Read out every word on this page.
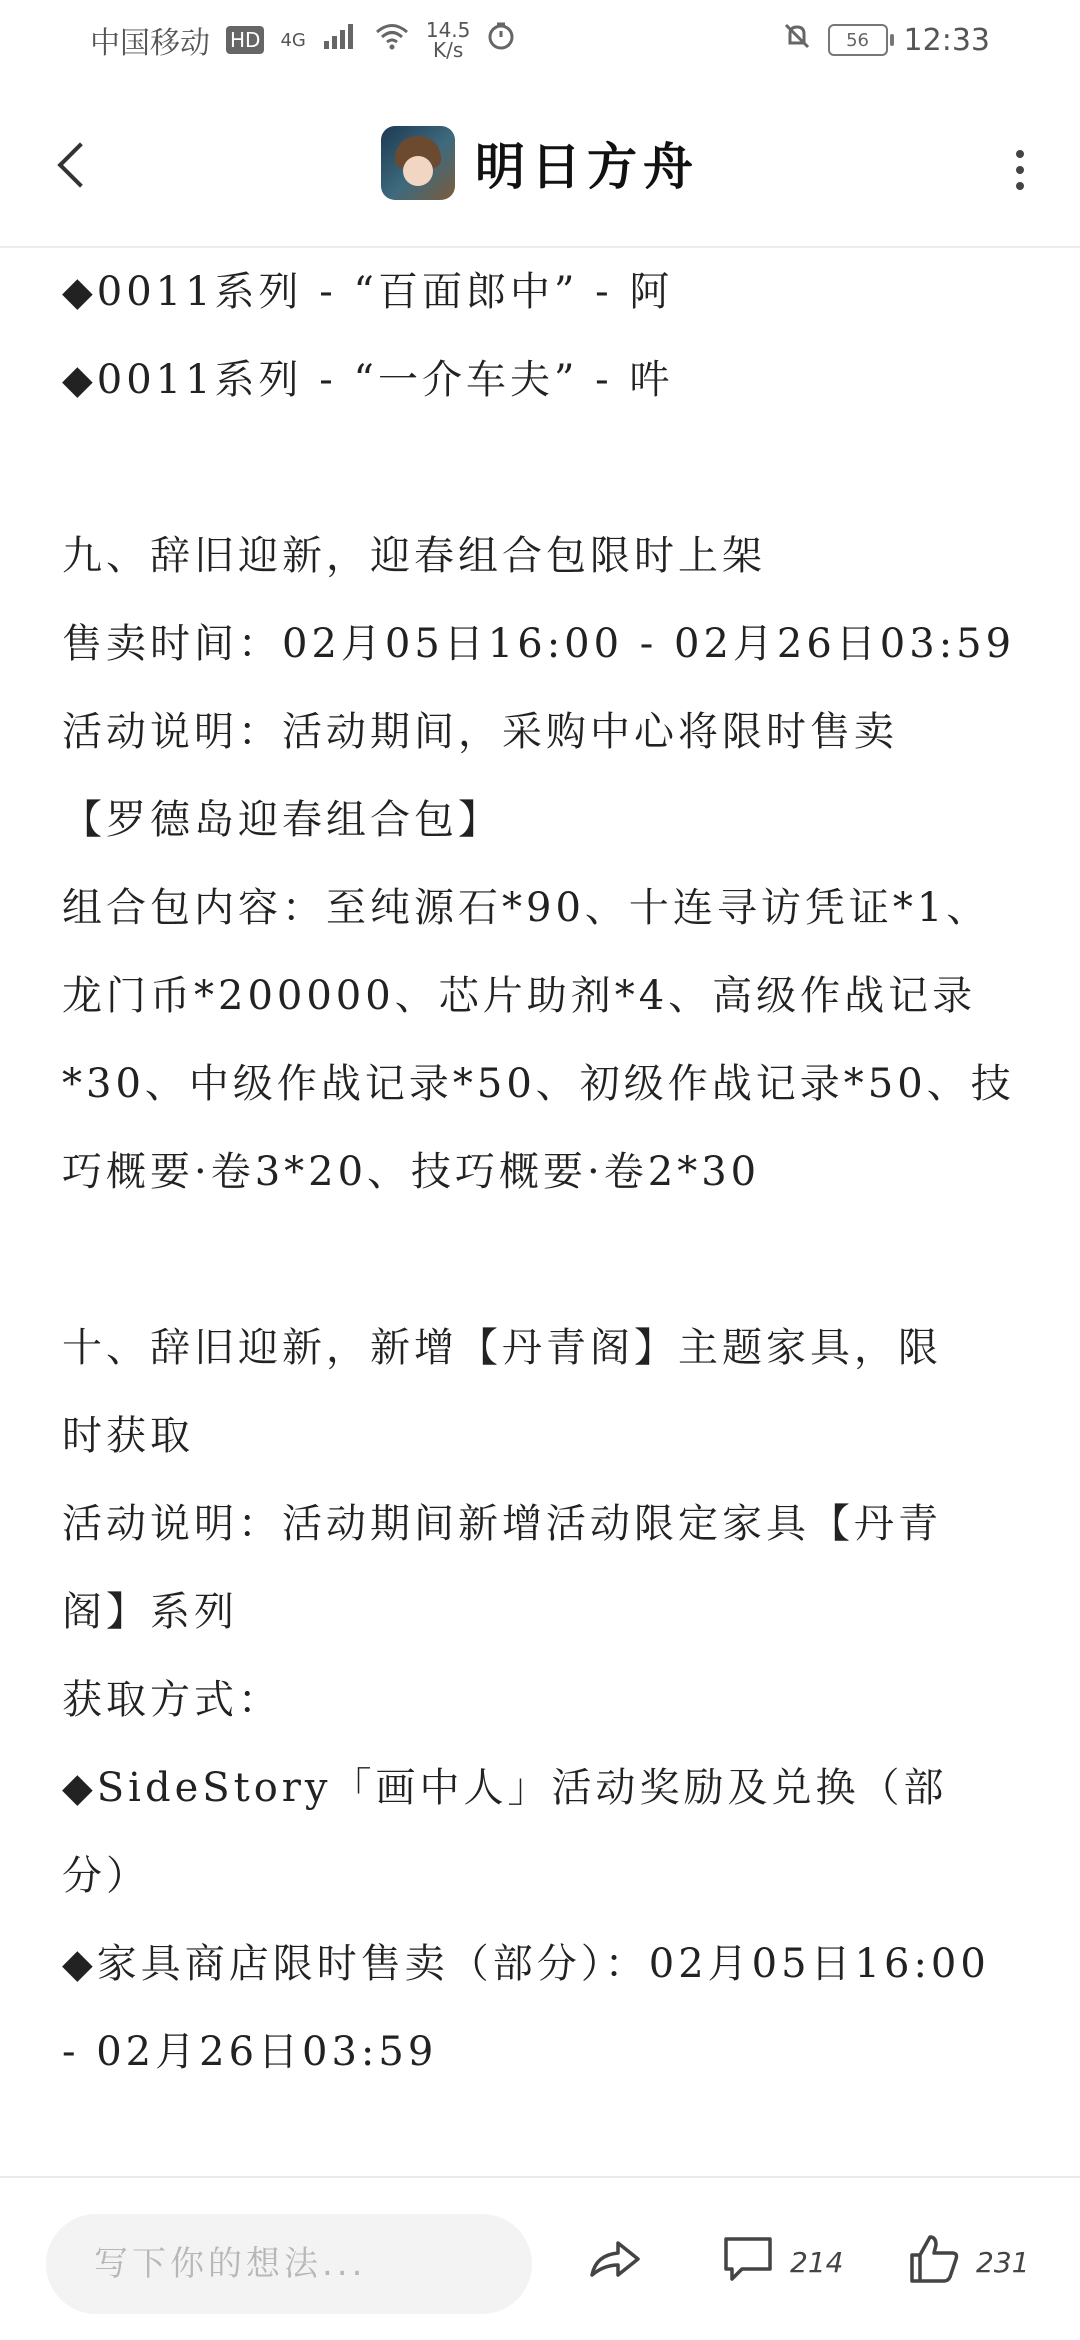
中国移动 HD 4G	14.5
K/s	56 12:33
明日方舟

◆0011系列 - “百面郎中” - 阿

◆0011系列 - “一介车夫” - 吽

九、辞旧迎新，迎春组合包限时上架

售卖时间：02月05日16:00 - 02月26日03:59

活动说明：活动期间，采购中心将限时售卖

【罗德岛迎春组合包】

组合包内容：至纯源石*90、十连寻访凭证*1、

龙门币*200000、芯片助剂*4、高级作战记录

*30、中级作战记录*50、初级作战记录*50、技

巧概要·卷3*20、技巧概要·卷2*30

十、辞旧迎新，新增【丹青阁】主题家具，限

时获取

活动说明：活动期间新增活动限定家具【丹青

阁】系列

获取方式：

◆SideStory「画中人」活动奖励及兑换（部

分）

◆家具商店限时售卖（部分）：02月05日16:00

- 02月26日03:59

写下你的想法...	214	231
